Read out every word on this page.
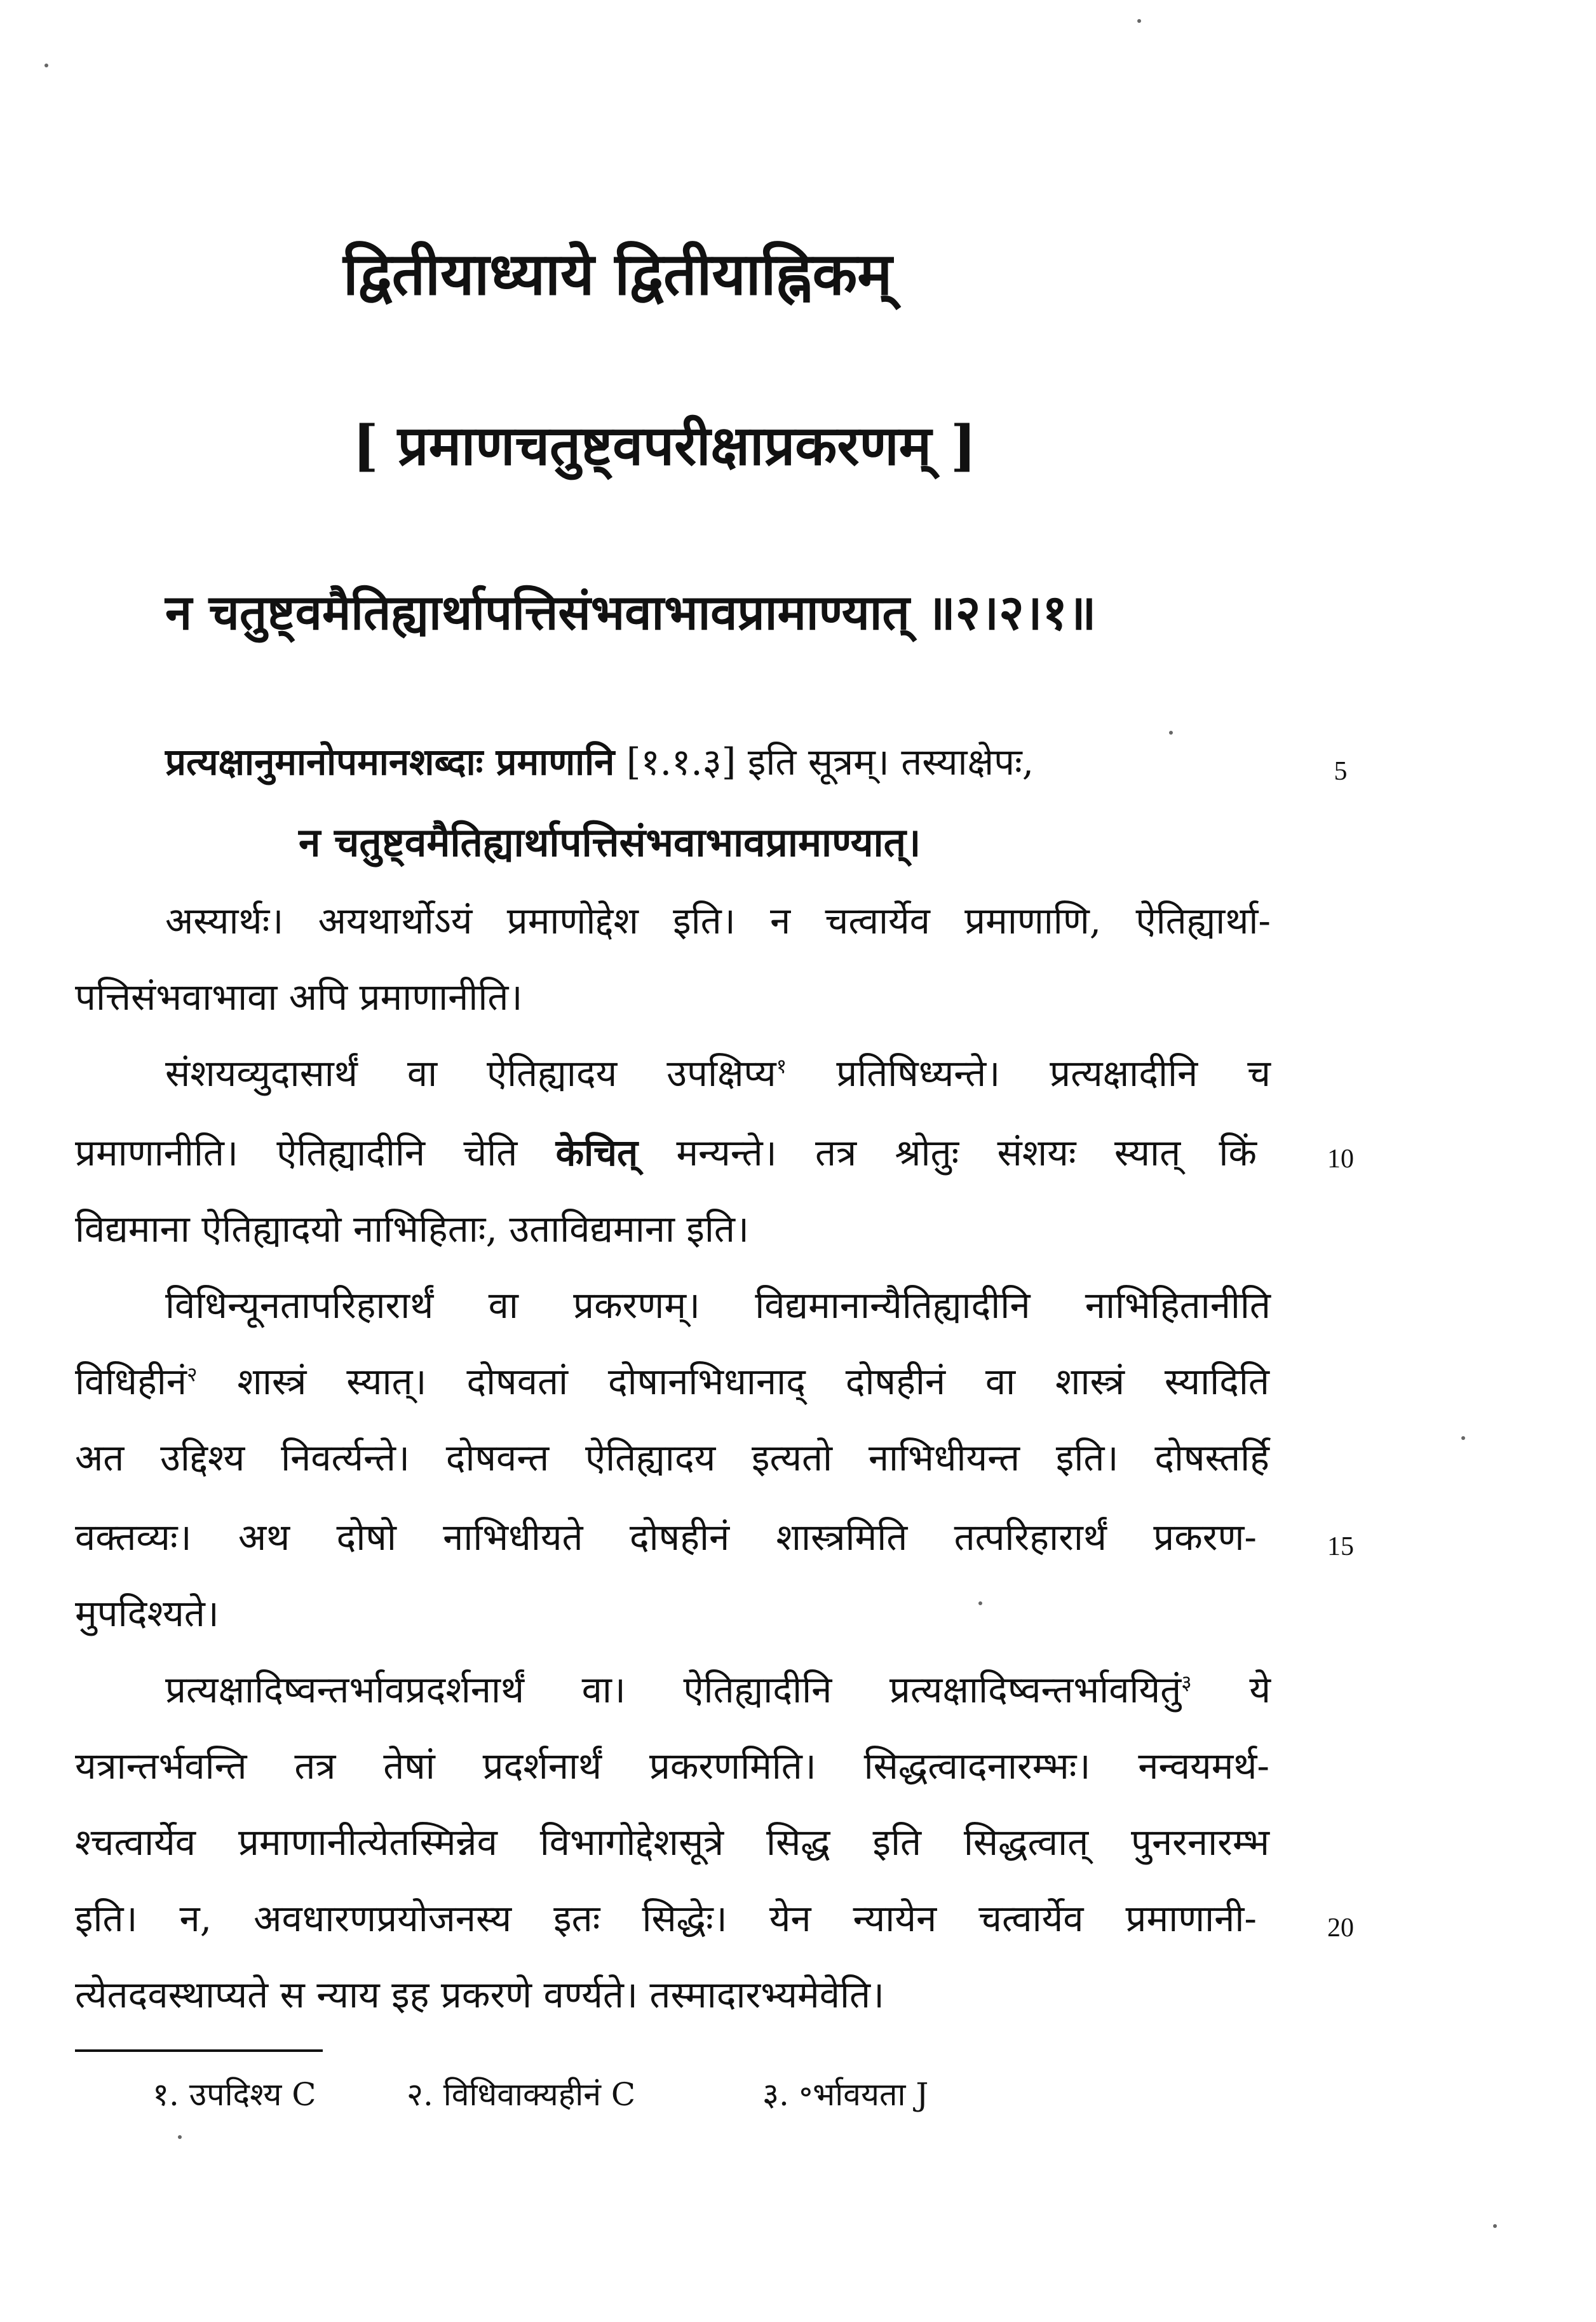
द्वितीयाध्याये द्वितीयाह्निकम्
[ प्रमाणचतुष्ट्वपरीक्षाप्रकरणम् ]
न चतुष्ट्वमैतिह्यार्थापत्तिसंभवाभावप्रामाण्यात् ॥२।२।१॥
प्रत्यक्षानुमानोपमानशब्दाः प्रमाणानि [१.१.३] इति सूत्रम्। तस्याक्षेपः,
न चतुष्ट्वमैतिह्यार्थापत्तिसंभवाभावप्रामाण्यात्।
अस्यार्थः। अयथार्थोऽयं प्रमाणोद्देश इति। न चत्वार्येव प्रमाणाणि, ऐतिह्यार्था-
पत्तिसंभवाभावा अपि प्रमाणानीति।
संशयव्युदासार्थं वा ऐतिह्यादय उपक्षिप्य$^१$ प्रतिषिध्यन्ते। प्रत्यक्षादीनि च
प्रमाणानीति। ऐतिह्यादीनि चेति केचित् मन्यन्ते। तत्र श्रोतुः संशयः स्यात् किं
विद्यमाना ऐतिह्यादयो नाभिहिताः, उताविद्यमाना इति।
विधिन्यूनतापरिहारार्थं वा प्रकरणम्। विद्यमानान्यैतिह्यादीनि नाभिहितानीति
विधिहीनं$^२$ शास्त्रं स्यात्। दोषवतां दोषानभिधानाद् दोषहीनं वा शास्त्रं स्यादिति
अत उद्दिश्य निवर्त्यन्ते। दोषवन्त ऐतिह्यादय इत्यतो नाभिधीयन्त इति। दोषस्तर्हि
वक्तव्यः। अथ दोषो नाभिधीयते दोषहीनं शास्त्रमिति तत्परिहारार्थं प्रकरण-
मुपदिश्यते।
प्रत्यक्षादिष्वन्तर्भावप्रदर्शनार्थं वा। ऐतिह्यादीनि प्रत्यक्षादिष्वन्तर्भावयितुं$^३$ ये
यत्रान्तर्भवन्ति तत्र तेषां प्रदर्शनार्थं प्रकरणमिति। सिद्धत्वादनारम्भः। नन्वयमर्थ-
श्चत्वार्येव प्रमाणानीत्येतस्मिन्नेव विभागोद्देशसूत्रे सिद्ध इति सिद्धत्वात् पुनरनारम्भ
इति। न, अवधारणप्रयोजनस्य इतः सिद्धेः। येन न्यायेन चत्वार्येव प्रमाणानी-
त्येतदवस्थाप्यते स न्याय इह प्रकरणे वर्ण्यते। तस्मादारभ्यमेवेति।
5
10
15
20
१. उपदिश्य C	२. विधिवाक्यहीनं C	३. ॰र्भावयता J
